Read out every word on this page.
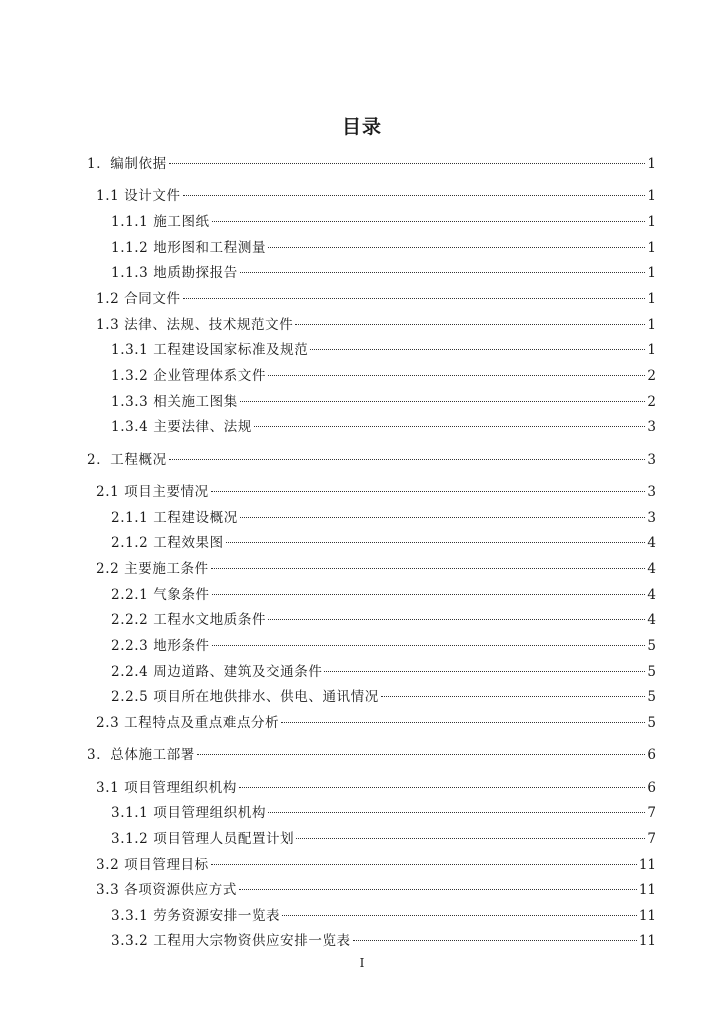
目录
1．编制依据	1
1.1 设计文件	1
1.1.1 施工图纸	1
1.1.2 地形图和工程测量	1
1.1.3 地质勘探报告	1
1.2 合同文件	1
1.3 法律、法规、技术规范文件	1
1.3.1 工程建设国家标准及规范	1
1.3.2 企业管理体系文件	2
1.3.3 相关施工图集	2
1.3.4 主要法律、法规	3
2．工程概况	3
2.1 项目主要情况	3
2.1.1 工程建设概况	3
2.1.2 工程效果图	4
2.2 主要施工条件	4
2.2.1 气象条件	4
2.2.2 工程水文地质条件	4
2.2.3 地形条件	5
2.2.4 周边道路、建筑及交通条件	5
2.2.5 项目所在地供排水、供电、通讯情况	5
2.3 工程特点及重点难点分析	5
3．总体施工部署	6
3.1 项目管理组织机构	6
3.1.1 项目管理组织机构	7
3.1.2 项目管理人员配置计划	7
3.2 项目管理目标	11
3.3 各项资源供应方式	11
3.3.1 劳务资源安排一览表	11
3.3.2 工程用大宗物资供应安排一览表	11
I
